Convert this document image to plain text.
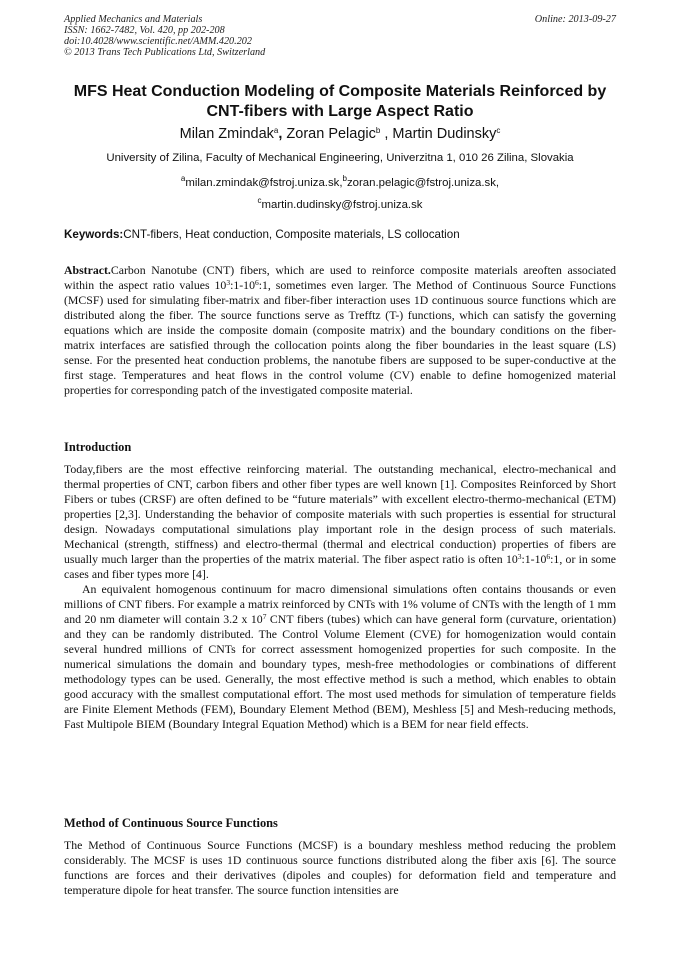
Applied Mechanics and Materials
ISSN: 1662-7482, Vol. 420, pp 202-208
doi:10.4028/www.scientific.net/AMM.420.202
© 2013 Trans Tech Publications Ltd, Switzerland
Online: 2013-09-27
MFS Heat Conduction Modeling of Composite Materials Reinforced by CNT-fibers with Large Aspect Ratio
Milan Zmindak$^a$, Zoran Pelagic$^b$ , Martin Dudinsky$^c$
University of Zilina, Faculty of Mechanical Engineering, Univerzitna 1, 010 26 Zilina, Slovakia
$^a$milan.zmindak@fstroj.uniza.sk,$^b$zoran.pelagic@fstroj.uniza.sk,
$^c$martin.dudinsky@fstroj.uniza.sk
Keywords:CNT-fibers, Heat conduction, Composite materials, LS collocation

Abstract.Carbon Nanotube (CNT) fibers, which are used to reinforce composite materials areoften associated within the aspect ratio values $10^3:1-10^6:1$, sometimes even larger. The Method of Continuous Source Functions (MCSF) used for simulating fiber-matrix and fiber-fiber interaction uses 1D continuous source functions which are distributed along the fiber. The source functions serve as Trefftz (T-) functions, which can satisfy the governing equations which are inside the composite domain (composite matrix) and the boundary conditions on the fiber-matrix interfaces are satisfied through the collocation points along the fiber boundaries in the least square (LS) sense. For the presented heat conduction problems, the nanotube fibers are supposed to be super-conductive at the first stage. Temperatures and heat flows in the control volume (CV) enable to define homogenized material properties for corresponding patch of the investigated composite material.

Introduction

Today,fibers are the most effective reinforcing material. The outstanding mechanical, electro-mechanical and thermal properties of CNT, carbon fibers and other fiber types are well known [1]. Composites Reinforced by Short Fibers or tubes (CRSF) are often defined to be “future materials” with excellent electro-thermo-mechanical (ETM) properties [2,3]. Understanding the behavior of composite materials with such properties is essential for structural design. Nowadays computational simulations play important role in the design process of such materials. Mechanical (strength, stiffness) and electro-thermal (thermal and electrical conduction) properties of fibers are usually much larger than the properties of the matrix material. The fiber aspect ratio is often $10^3:1-10^6:1$, or in some cases and fiber types more [4].

An equivalent homogenous continuum for macro dimensional simulations often contains thousands or even millions of CNT fibers. For example a matrix reinforced by CNTs with 1% volume of CNTs with the length of 1 mm and 20 nm diameter will contain 3.2 x $10^7$ CNT fibers (tubes) which can have general form (curvature, orientation) and they can be randomly distributed. The Control Volume Element (CVE) for homogenization would contain several hundred millions of CNTs for correct assessment homogenized properties for such composite. In the numerical simulations the domain and boundary types, mesh-free methodologies or combinations of different methodology types can be used. Generally, the most effective method is such a method, which enables to obtain good accuracy with the smallest computational effort. The most used methods for simulation of temperature fields are Finite Element Methods (FEM), Boundary Element Method (BEM), Meshless [5] and Mesh-reducing methods, Fast Multipole BIEM (Boundary Integral Equation Method) which is a BEM for near field effects.

Method of Continuous Source Functions

The Method of Continuous Source Functions (MCSF) is a boundary meshless method reducing the problem considerably. The MCSF is uses 1D continuous source functions distributed along the fiber axis [6]. The source functions are forces and their derivatives (dipoles and couples) for deformation field and temperature and temperature dipole for heat transfer. The source function intensities are
